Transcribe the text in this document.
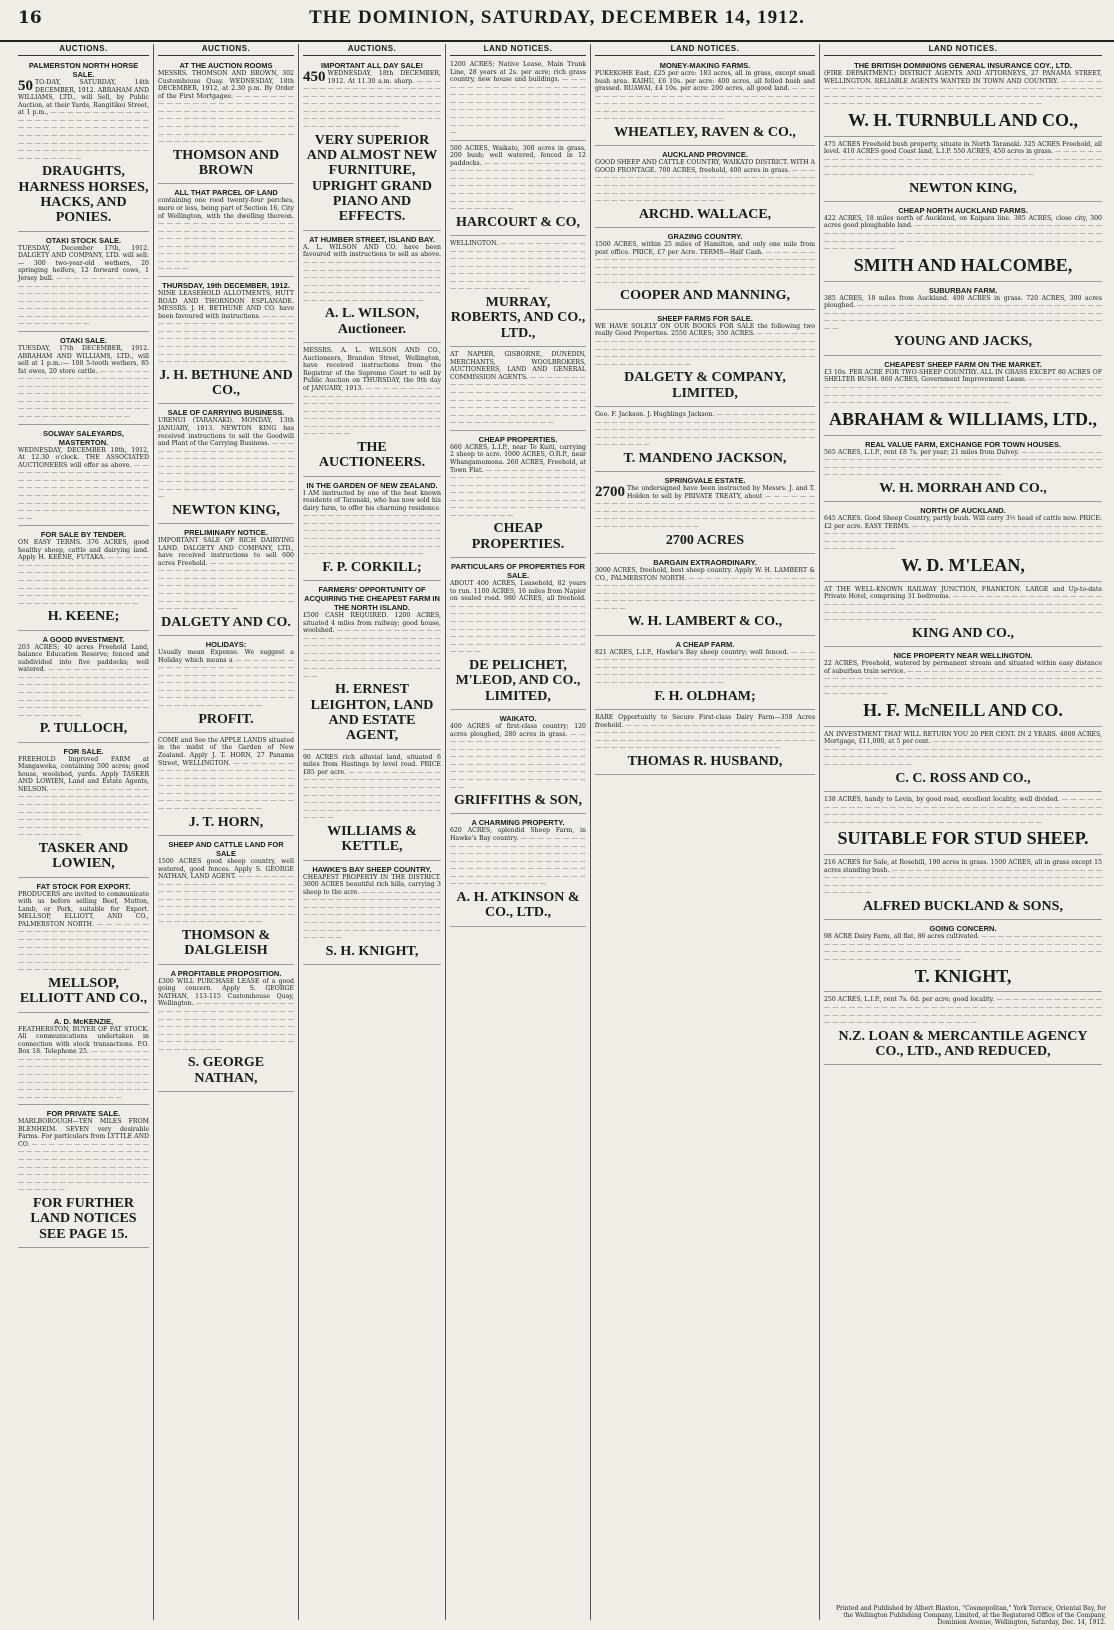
16	THE DOMINION, SATURDAY, DECEMBER 14, 1912.
AUCTIONS.
PALMERSTON NORTH HORSE SALE.
50 TO-DAY, SATURDAY, 14th DECEMBER, 1912. ABRAHAM AND WILLIAMS, LTD., will Sell, by Public Auction, at their Yards, Rangitikei Street, at 1 p.m., — — — — — — — — — — — — — — — — — — — — — — — — — — — — — — — — — — — — — — — — — — — — — — — — — — — — — — — — — — — — — — — — — — — — — — — — — — — — — — — — — — — — — — — — — — — — — — — — — — — —
DRAUGHTS, HARNESS HORSES, HACKS, AND PONIES.
OTAKI STOCK SALE.
TUESDAY, December 17th, 1912. DALGETY AND COMPANY, LTD. will sell:— 300 two-year-old wethers, 20 springing heifers, 12 forward cows, 1 Jersey bull. — — — — — — — — — — — — — — — — — — — — — — — — — — — — — — — — — — — — — — — — — — — — — — — — — — — — — — — — — — — — — — — — — — — — — — — — — — — — — — — — — — — — — — — — — — — — — — — — — — — —
OTAKI SALE.
TUESDAY, 17th DECEMBER, 1912. ABRAHAM AND WILLIAMS, LTD., will sell at 1 p.m.:— 100 5-tooth wethers, 85 fat ewes, 20 store cattle. — — — — — — — — — — — — — — — — — — — — — — — — — — — — — — — — — — — — — — — — — — — — — — — — — — — — — — — — — — — — — — — — — — — — — — — — — — — — — — — — — — — — — — — — — — — — — — — — — — — —
SOLWAY SALEYARDS, MASTERTON.
WEDNESDAY, DECEMBER 18th, 1912, At 12.30 o'clock. THE ASSOCIATED AUCTIONEERS will offer as above. — — — — — — — — — — — — — — — — — — — — — — — — — — — — — — — — — — — — — — — — — — — — — — — — — — — — — — — — — — — — — — — — — — — — — — — — — — — — — — — — — — — — — — — — — — — — — — — — — — — —
FOR SALE BY TENDER.
ON EASY TERMS. 376 ACRES, good healthy sheep, cattle and dairying land. Apply H. KEENE, FUTAKA. — — — — — — — — — — — — — — — — — — — — — — — — — — — — — — — — — — — — — — — — — — — — — — — — — — — — — — — — — — — — — — — — — — — — — — — — — — — — — — — — — — — — — — — — — — — — — — — — — — — —
H. KEENE;
A GOOD INVESTMENT.
203 ACRES; 40 acres Freehold Land, balance Education Reserve; fenced and subdivided into five paddocks; well watered. — — — — — — — — — — — — — — — — — — — — — — — — — — — — — — — — — — — — — — — — — — — — — — — — — — — — — — — — — — — — — — — — — — — — — — — — — — — — — — — — — — — — — — — — — — — — — — — — — — — —
P. TULLOCH,
FOR SALE.
FREEHOLD Improved FARM at Mangaweka, containing 500 acres; good house, woolshed, yards. Apply TASKER AND LOWIEN, Land and Estate Agents, NELSON. — — — — — — — — — — — — — — — — — — — — — — — — — — — — — — — — — — — — — — — — — — — — — — — — — — — — — — — — — — — — — — — — — — — — — — — — — — — — — — — — — — — — — — — — — — — — — — — — — — — —
TASKER AND LOWIEN,
FAT STOCK FOR EXPORT.
PRODUCERS are invited to communicate with us before selling Beef, Mutton, Lamb, or Pork, suitable for Export. MELLSOP, ELLIOTT, AND CO., PALMERSTON NORTH. — — — — — — — — — — — — — — — — — — — — — — — — — — — — — — — — — — — — — — — — — — — — — — — — — — — — — — — — — — — — — — — — — — — — — — — — — — — — — — — — — — — — — — — — — — — — — — — — — — — —
MELLSOP, ELLIOTT AND CO.,
A. D. McKENZIE,
FEATHERSTON, BUYER OF FAT STOCK. All communications undertaken in connection with stock transactions. P.O. Box 18. Telephone 25. — — — — — — — — — — — — — — — — — — — — — — — — — — — — — — — — — — — — — — — — — — — — — — — — — — — — — — — — — — — — — — — — — — — — — — — — — — — — — — — — — — — — — — — — — — — — — — — — — — — —
FOR PRIVATE SALE.
MARLBOROUGH—TEN MILES FROM BLENHEIM. SEVEN very desirable Farms. For particulars from LYTTLE AND CO. — — — — — — — — — — — — — — — — — — — — — — — — — — — — — — — — — — — — — — — — — — — — — — — — — — — — — — — — — — — — — — — — — — — — — — — — — — — — — — — — — — — — — — — — — — — — — — — — — — — —
FOR FURTHER LAND NOTICES SEE PAGE 15.
AUCTIONS.
AT THE AUCTION ROOMS
MESSRS. THOMSON AND BROWN, 302 Customhouse Quay. WEDNESDAY, 18th DECEMBER, 1912, at 2.30 p.m. By Order of the First Mortgagee. — — — — — — — — — — — — — — — — — — — — — — — — — — — — — — — — — — — — — — — — — — — — — — — — — — — — — — — — — — — — — — — — — — — — — — — — — — — — — — — — — — — — — — — — — — — — — — — — — — — —
THOMSON AND BROWN
ALL THAT PARCEL OF LAND
containing one rood twenty-four perches, more or less, being part of Section 16, City of Wellington, with the dwelling thereon. — — — — — — — — — — — — — — — — — — — — — — — — — — — — — — — — — — — — — — — — — — — — — — — — — — — — — — — — — — — — — — — — — — — — — — — — — — — — — — — — — — — — — — — — — — — — — — — — — — — —
THURSDAY, 19th DECEMBER, 1912.
NINE LEASEHOLD ALLOTMENTS, HUTT ROAD AND THORNDON ESPLANADE. MESSRS. J. H. BETHUNE AND CO. have been favoured with instructions. — — — — — — — — — — — — — — — — — — — — — — — — — — — — — — — — — — — — — — — — — — — — — — — — — — — — — — — — — — — — — — — — — — — — — — — — — — — — — — — — — — — — — — — — — — — — — — — — — — — —
J. H. BETHUNE AND CO.,
SALE OF CARRYING BUSINESS.
URENUI (TARANAKI). MONDAY, 13th JANUARY, 1913. NEWTON KING has received instructions to sell the Goodwill and Plant of the Carrying Business. — — — — — — — — — — — — — — — — — — — — — — — — — — — — — — — — — — — — — — — — — — — — — — — — — — — — — — — — — — — — — — — — — — — — — — — — — — — — — — — — — — — — — — — — — — — — — — — — — — — —
NEWTON KING,
PRELIMINARY NOTICE.
IMPORTANT SALE OF RICH DAIRYING LAND. DALGETY AND COMPANY, LTD., have received instructions to sell 600 acres Freehold. — — — — — — — — — — — — — — — — — — — — — — — — — — — — — — — — — — — — — — — — — — — — — — — — — — — — — — — — — — — — — — — — — — — — — — — — — — — — — — — — — — — — — — — — — — — — — — — — — — — —
DALGETY AND CO.
HOLIDAYS:
Usually mean Expense. We suggest a Holiday which means a — — — — — — — — — — — — — — — — — — — — — — — — — — — — — — — — — — — — — — — — — — — — — — — — — — — — — — — — — — — — — — — — — — — — — — — — — — — — — — — — — — — — — — — — — — — — — — — — — — — —
PROFIT.
COME and See the APPLE LANDS situated in the midst of the Garden of New Zealand. Apply J. T. HORN, 27 Panama Street, WELLINGTON. — — — — — — — — — — — — — — — — — — — — — — — — — — — — — — — — — — — — — — — — — — — — — — — — — — — — — — — — — — — — — — — — — — — — — — — — — — — — — — — — — — — — — — — — — — — — — — — — — — — —
J. T. HORN,
SHEEP AND CATTLE LAND FOR SALE
1500 ACRES good sheep country, well watered, good fences. Apply S. GEORGE NATHAN, LAND AGENT. — — — — — — — — — — — — — — — — — — — — — — — — — — — — — — — — — — — — — — — — — — — — — — — — — — — — — — — — — — — — — — — — — — — — — — — — — — — — — — — — — — — — — — — — — — — — — — — — — — — —
THOMSON & DALGLEISH
A PROFITABLE PROPOSITION.
£300 WILL PURCHASE LEASE of a good going concern. Apply S. GEORGE NATHAN, 113-115 Customhouse Quay, Wellington. — — — — — — — — — — — — — — — — — — — — — — — — — — — — — — — — — — — — — — — — — — — — — — — — — — — — — — — — — — — — — — — — — — — — — — — — — — — — — — — — — — — — — — — — — — — — — — — — — — — —
S. GEORGE NATHAN,
AUCTIONS.
IMPORTANT ALL DAY SALE!
450 WEDNESDAY, 18th DECEMBER, 1912. At 11.30 a.m. sharp. — — — — — — — — — — — — — — — — — — — — — — — — — — — — — — — — — — — — — — — — — — — — — — — — — — — — — — — — — — — — — — — — — — — — — — — — — — — — — — — — — — — — — — — — — — — — — — — — — — — —
VERY SUPERIOR AND ALMOST NEW FURNITURE, UPRIGHT GRAND PIANO AND EFFECTS.
AT HUMBER STREET, ISLAND BAY.
A. L. WILSON AND CO. have been favoured with instructions to sell as above. — — — — — — — — — — — — — — — — — — — — — — — — — — — — — — — — — — — — — — — — — — — — — — — — — — — — — — — — — — — — — — — — — — — — — — — — — — — — — — — — — — — — — — — — — — — — — — — — — — — —
A. L. WILSON, Auctioneer.
MESSRS. A. L. WILSON AND CO., Auctioneers, Brandon Street, Wellington, have received instructions from the Registrar of the Supreme Court to sell by Public Auction on THURSDAY, the 9th day of JANUARY, 1913. — — — — — — — — — — — — — — — — — — — — — — — — — — — — — — — — — — — — — — — — — — — — — — — — — — — — — — — — — — — — — — — — — — — — — — — — — — — — — — — — — — — — — — — — — — — — — — — — — — — —
THE AUCTIONEERS.
IN THE GARDEN OF NEW ZEALAND.
I AM instructed by one of the best known residents of Taranaki, who has now sold his dairy farm, to offer his charming residence. — — — — — — — — — — — — — — — — — — — — — — — — — — — — — — — — — — — — — — — — — — — — — — — — — — — — — — — — — — — — — — — — — — — — — — — — — — — — — — — — — — — — — — — — — — — — — — — — — — — —
F. P. CORKILL;
FARMERS' OPPORTUNITY OF ACQUIRING THE CHEAPEST FARM IN THE NORTH ISLAND.
£500 CASH REQUIRED. 1200 ACRES, situated 4 miles from railway; good house, woolshed. — — — — — — — — — — — — — — — — — — — — — — — — — — — — — — — — — — — — — — — — — — — — — — — — — — — — — — — — — — — — — — — — — — — — — — — — — — — — — — — — — — — — — — — — — — — — — — — — — — — —
H. ERNEST LEIGHTON, LAND AND ESTATE AGENT,
90 ACRES rich alluvial land, situated 6 miles from Hastings by level road. PRICE £85 per acre. — — — — — — — — — — — — — — — — — — — — — — — — — — — — — — — — — — — — — — — — — — — — — — — — — — — — — — — — — — — — — — — — — — — — — — — — — — — — — — — — — — — — — — — — — — — — — — — — — — — —
WILLIAMS & KETTLE,
HAWKE'S BAY SHEEP COUNTRY.
CHEAPEST PROPERTY IN THE DISTRICT. 3000 ACRES beautiful rich hills, carrying 3 sheep to the acre. — — — — — — — — — — — — — — — — — — — — — — — — — — — — — — — — — — — — — — — — — — — — — — — — — — — — — — — — — — — — — — — — — — — — — — — — — — — — — — — — — — — — — — — — — — — — — — — — — — — —
S. H. KNIGHT,
LAND NOTICES.
1200 ACRES; Native Lease, Main Trunk Line, 28 years at 2s. per acre; rich grass country, new house and buildings. — — — — — — — — — — — — — — — — — — — — — — — — — — — — — — — — — — — — — — — — — — — — — — — — — — — — — — — — — — — — — — — — — — — — — — — — — — — — — — — — — — — — — — — — — — — — — — — — — — — —
500 ACRES, Waikato, 300 acres in grass, 200 bush; well watered, fenced in 12 paddocks. — — — — — — — — — — — — — — — — — — — — — — — — — — — — — — — — — — — — — — — — — — — — — — — — — — — — — — — — — — — — — — — — — — — — — — — — — — — — — — — — — — — — — — — — — — — — — — — — — — — —
HARCOURT & CO,
WELLINGTON. — — — — — — — — — — — — — — — — — — — — — — — — — — — — — — — — — — — — — — — — — — — — — — — — — — — — — — — — — — — — — — — — — — — — — — — — — — — — — — — — — — — — — — — — — — — — — — — — — — — —
MURRAY, ROBERTS, AND CO., LTD.,
AT NAPIER, GISBORNE, DUNEDIN, MERCHANTS, WOOLBROKERS, AUCTIONEERS, LAND AND GENERAL COMMISSION AGENTS. — — — — — — — — — — — — — — — — — — — — — — — — — — — — — — — — — — — — — — — — — — — — — — — — — — — — — — — — — — — — — — — — — — — — — — — — — — — — — — — — — — — — — — — — — — — — — — — — — — — —
CHEAP PROPERTIES.
660 ACRES, L.I.P., near Te Kuiti, carrying 2 sheep to acre. 1000 ACRES, O.R.P., near Whangamomona. 260 ACRES, Freehold, at Town Flat. — — — — — — — — — — — — — — — — — — — — — — — — — — — — — — — — — — — — — — — — — — — — — — — — — — — — — — — — — — — — — — — — — — — — — — — — — — — — — — — — — — — — — — — — — — — — — — — — — — — —
CHEAP PROPERTIES.
PARTICULARS OF PROPERTIES FOR SALE.
ABOUT 400 ACRES, Leasehold, 82 years to run. 1100 ACRES, 16 miles from Napier on sealed road. 980 ACRES, all freehold. — — — — — — — — — — — — — — — — — — — — — — — — — — — — — — — — — — — — — — — — — — — — — — — — — — — — — — — — — — — — — — — — — — — — — — — — — — — — — — — — — — — — — — — — — — — — — — — — — — — —
DE PELICHET, M'LEOD, AND CO., LIMITED,
WAIKATO.
400 ACRES of first-class country; 120 acres ploughed, 280 acres in grass. — — — — — — — — — — — — — — — — — — — — — — — — — — — — — — — — — — — — — — — — — — — — — — — — — — — — — — — — — — — — — — — — — — — — — — — — — — — — — — — — — — — — — — — — — — — — — — — — — — — —
GRIFFITHS & SON,
A CHARMING PROPERTY.
620 ACRES, splendid Sheep Farm, in Hawke's Bay country. — — — — — — — — — — — — — — — — — — — — — — — — — — — — — — — — — — — — — — — — — — — — — — — — — — — — — — — — — — — — — — — — — — — — — — — — — — — — — — — — — — — — — — — — — — — — — — — — — — — —
A. H. ATKINSON & CO., LTD.,
LAND NOTICES.
MONEY-MAKING FARMS.
PUKEKOHE East, £25 per acre: 183 acres, all in grass, except small bush area. KAIHU, £6 10s. per acre: 400 acres, all felled bush and grassed. RUAWAI, £4 10s. per acre: 200 acres, all good land. — — — — — — — — — — — — — — — — — — — — — — — — — — — — — — — — — — — — — — — — — — — — — — — — — — — — — — — — — — — — — — — — — — — — — — — — — — — — — — — — — — — — — — — — — — — — — — — — — — — —
WHEATLEY, RAVEN & CO.,
AUCKLAND PROVINCE.
GOOD SHEEP AND CATTLE COUNTRY, WAIKATO DISTRICT. WITH A GOOD FRONTAGE. 700 ACRES, freehold, 400 acres in grass. — — — — — — — — — — — — — — — — — — — — — — — — — — — — — — — — — — — — — — — — — — — — — — — — — — — — — — — — — — — — — — — — — — — — — — — — — — — — — — — — — — — — — — — — — — — — — — — — — — — —
ARCHD. WALLACE,
GRAZING COUNTRY.
1500 ACRES, within 25 miles of Hamilton, and only one mile from post office. PRICE, £7 per Acre. TERMS—Half Cash. — — — — — — — — — — — — — — — — — — — — — — — — — — — — — — — — — — — — — — — — — — — — — — — — — — — — — — — — — — — — — — — — — — — — — — — — — — — — — — — — — — — — — — — — — — — — — — — — — — — —
COOPER AND MANNING,
SHEEP FARMS FOR SALE.
WE HAVE SOLELY ON OUR BOOKS FOR SALE the following two really Good Properties. 2550 ACRES; 350 ACRES. — — — — — — — — — — — — — — — — — — — — — — — — — — — — — — — — — — — — — — — — — — — — — — — — — — — — — — — — — — — — — — — — — — — — — — — — — — — — — — — — — — — — — — — — — — — — — — — — — — — —
DALGETY & COMPANY, LIMITED,
Geo. F. Jackson. J. Hughlings Jackson. — — — — — — — — — — — — — — — — — — — — — — — — — — — — — — — — — — — — — — — — — — — — — — — — — — — — — — — — — — — — — — — — — — — — — — — — — — — — — — — — — — — — — — — — — — — — — — — — — — — —
T. MANDENO JACKSON,
SPRINGVALE ESTATE.
2700 The undersigned have been instructed by Messrs. J. and T. Holden to sell by PRIVATE TREATY, about — — — — — — — — — — — — — — — — — — — — — — — — — — — — — — — — — — — — — — — — — — — — — — — — — — — — — — — — — — — — — — — — — — — — — — — — — — — — — — — — — — — — — — — — — — — — — — — — — — — —
2700 ACRES
BARGAIN EXTRAORDINARY.
3000 ACRES, freehold, best sheep country. Apply W. H. LAMBERT & CO., PALMERSTON NORTH. — — — — — — — — — — — — — — — — — — — — — — — — — — — — — — — — — — — — — — — — — — — — — — — — — — — — — — — — — — — — — — — — — — — — — — — — — — — — — — — — — — — — — — — — — — — — — — — — — — — —
W. H. LAMBERT & CO.,
A CHEAP FARM.
821 ACRES, L.I.P., Hawke's Bay sheep country; well fenced. — — — — — — — — — — — — — — — — — — — — — — — — — — — — — — — — — — — — — — — — — — — — — — — — — — — — — — — — — — — — — — — — — — — — — — — — — — — — — — — — — — — — — — — — — — — — — — — — — — — —
F. H. OLDHAM;
RARE Opportunity to Secure First-class Dairy Farm—359 Acres freehold. — — — — — — — — — — — — — — — — — — — — — — — — — — — — — — — — — — — — — — — — — — — — — — — — — — — — — — — — — — — — — — — — — — — — — — — — — — — — — — — — — — — — — — — — — — — — — — — — — — — —
THOMAS R. HUSBAND,
LAND NOTICES.
THE BRITISH DOMINIONS GENERAL INSURANCE COY., LTD.
(FIRE DEPARTMENT.) DISTRICT AGENTS AND ATTORNEYS, 27 PANAMA STREET, WELLINGTON. RELIABLE AGENTS WANTED IN TOWN AND COUNTRY. — — — — — — — — — — — — — — — — — — — — — — — — — — — — — — — — — — — — — — — — — — — — — — — — — — — — — — — — — — — — — — — — — — — — — — — — — — — — — — — — — — — — — — — — — — — — — — — — — — — —
W. H. TURNBULL AND CO.,
475 ACRES Freehold bush property, situate in North Taranaki. 325 ACRES Freehold, all level. 410 ACRES good Coast land, L.I.P. 550 ACRES, 450 acres in grass. — — — — — — — — — — — — — — — — — — — — — — — — — — — — — — — — — — — — — — — — — — — — — — — — — — — — — — — — — — — — — — — — — — — — — — — — — — — — — — — — — — — — — — — — — — — — — — — — — — — —
NEWTON KING,
CHEAP NORTH AUCKLAND FARMS.
422 ACRES, 18 miles north of Auckland, on Kaipara line. 385 ACRES, close city, 300 acres good ploughable land. — — — — — — — — — — — — — — — — — — — — — — — — — — — — — — — — — — — — — — — — — — — — — — — — — — — — — — — — — — — — — — — — — — — — — — — — — — — — — — — — — — — — — — — — — — — — — — — — — — — —
SMITH AND HALCOMBE,
SUBURBAN FARM.
385 ACRES, 18 miles from Auckland. 400 ACRES in grass. 720 ACRES, 300 acres ploughed. — — — — — — — — — — — — — — — — — — — — — — — — — — — — — — — — — — — — — — — — — — — — — — — — — — — — — — — — — — — — — — — — — — — — — — — — — — — — — — — — — — — — — — — — — — — — — — — — — — — —
YOUNG AND JACKS,
CHEAPEST SHEEP FARM ON THE MARKET.
£3 10s. PER ACRE FOR TWO-SHEEP COUNTRY. ALL IN GRASS EXCEPT 80 ACRES OF SHELTER BUSH. 860 ACRES, Government Improvement Lease. — — — — — — — — — — — — — — — — — — — — — — — — — — — — — — — — — — — — — — — — — — — — — — — — — — — — — — — — — — — — — — — — — — — — — — — — — — — — — — — — — — — — — — — — — — — — — — — — — — — —
ABRAHAM & WILLIAMS, LTD.,
REAL VALUE FARM, EXCHANGE FOR TOWN HOUSES.
565 ACRES, L.I.P., rent £8 7s. per year; 21 miles from Dalvey. — — — — — — — — — — — — — — — — — — — — — — — — — — — — — — — — — — — — — — — — — — — — — — — — — — — — — — — — — — — — — — — — — — — — — — — — — — — — — — — — — — — — — — — — — — — — — — — — — — — —
W. H. MORRAH AND CO.,
NORTH OF AUCKLAND.
645 ACRES. Good Sheep Country, partly bush. Will carry 3½ head of cattle now. PRICE: £2 per acre. EASY TERMS. — — — — — — — — — — — — — — — — — — — — — — — — — — — — — — — — — — — — — — — — — — — — — — — — — — — — — — — — — — — — — — — — — — — — — — — — — — — — — — — — — — — — — — — — — — — — — — — — — — — —
W. D. M'LEAN,
AT THE WELL-KNOWN RAILWAY JUNCTION, FRANKTON. LARGE and Up-to-date Private Hotel, comprising 31 bedrooms. — — — — — — — — — — — — — — — — — — — — — — — — — — — — — — — — — — — — — — — — — — — — — — — — — — — — — — — — — — — — — — — — — — — — — — — — — — — — — — — — — — — — — — — — — — — — — — — — — — — —
KING AND CO.,
NICE PROPERTY NEAR WELLINGTON.
22 ACRES, Freehold, watered by permanent stream and situated within easy distance of suburban train service. — — — — — — — — — — — — — — — — — — — — — — — — — — — — — — — — — — — — — — — — — — — — — — — — — — — — — — — — — — — — — — — — — — — — — — — — — — — — — — — — — — — — — — — — — — — — — — — — — — — —
H. F. McNEILL AND CO.
AN INVESTMENT THAT WILL RETURN YOU 20 PER CENT. IN 2 YEARS. 4000 ACRES, Mortgage, £11,000, at 5 per cent. — — — — — — — — — — — — — — — — — — — — — — — — — — — — — — — — — — — — — — — — — — — — — — — — — — — — — — — — — — — — — — — — — — — — — — — — — — — — — — — — — — — — — — — — — — — — — — — — — — — —
C. C. ROSS AND CO.,
138 ACRES, handy to Levin, by good road, excellent locality, well divided. — — — — — — — — — — — — — — — — — — — — — — — — — — — — — — — — — — — — — — — — — — — — — — — — — — — — — — — — — — — — — — — — — — — — — — — — — — — — — — — — — — — — — — — — — — — — — — — — — — — —
SUITABLE FOR STUD SHEEP.
216 ACRES for Sale, at Rosehill, 190 acres in grass. 1500 ACRES, all in grass except 15 acres standing bush. — — — — — — — — — — — — — — — — — — — — — — — — — — — — — — — — — — — — — — — — — — — — — — — — — — — — — — — — — — — — — — — — — — — — — — — — — — — — — — — — — — — — — — — — — — — — — — — — — — — —
ALFRED BUCKLAND & SONS,
GOING CONCERN.
98 ACRE Dairy Farm, all flat, 86 acres cultivated. — — — — — — — — — — — — — — — — — — — — — — — — — — — — — — — — — — — — — — — — — — — — — — — — — — — — — — — — — — — — — — — — — — — — — — — — — — — — — — — — — — — — — — — — — — — — — — — — — — — —
T. KNIGHT,
250 ACRES, L.I.P., rent 7s. 6d. per acre; good locality. — — — — — — — — — — — — — — — — — — — — — — — — — — — — — — — — — — — — — — — — — — — — — — — — — — — — — — — — — — — — — — — — — — — — — — — — — — — — — — — — — — — — — — — — — — — — — — — — — — — —
N.Z. LOAN & MERCANTILE AGENCY CO., LTD., AND REDUCED,
Printed and Published by Albert Blaxton, "Cosmopolitan," York Terrace, Oriental Bay, for the Wellington Publishing Company, Limited, at the Registered Office of the Company, Dominion Avenue, Wellington, Saturday, Dec. 14, 1912.
